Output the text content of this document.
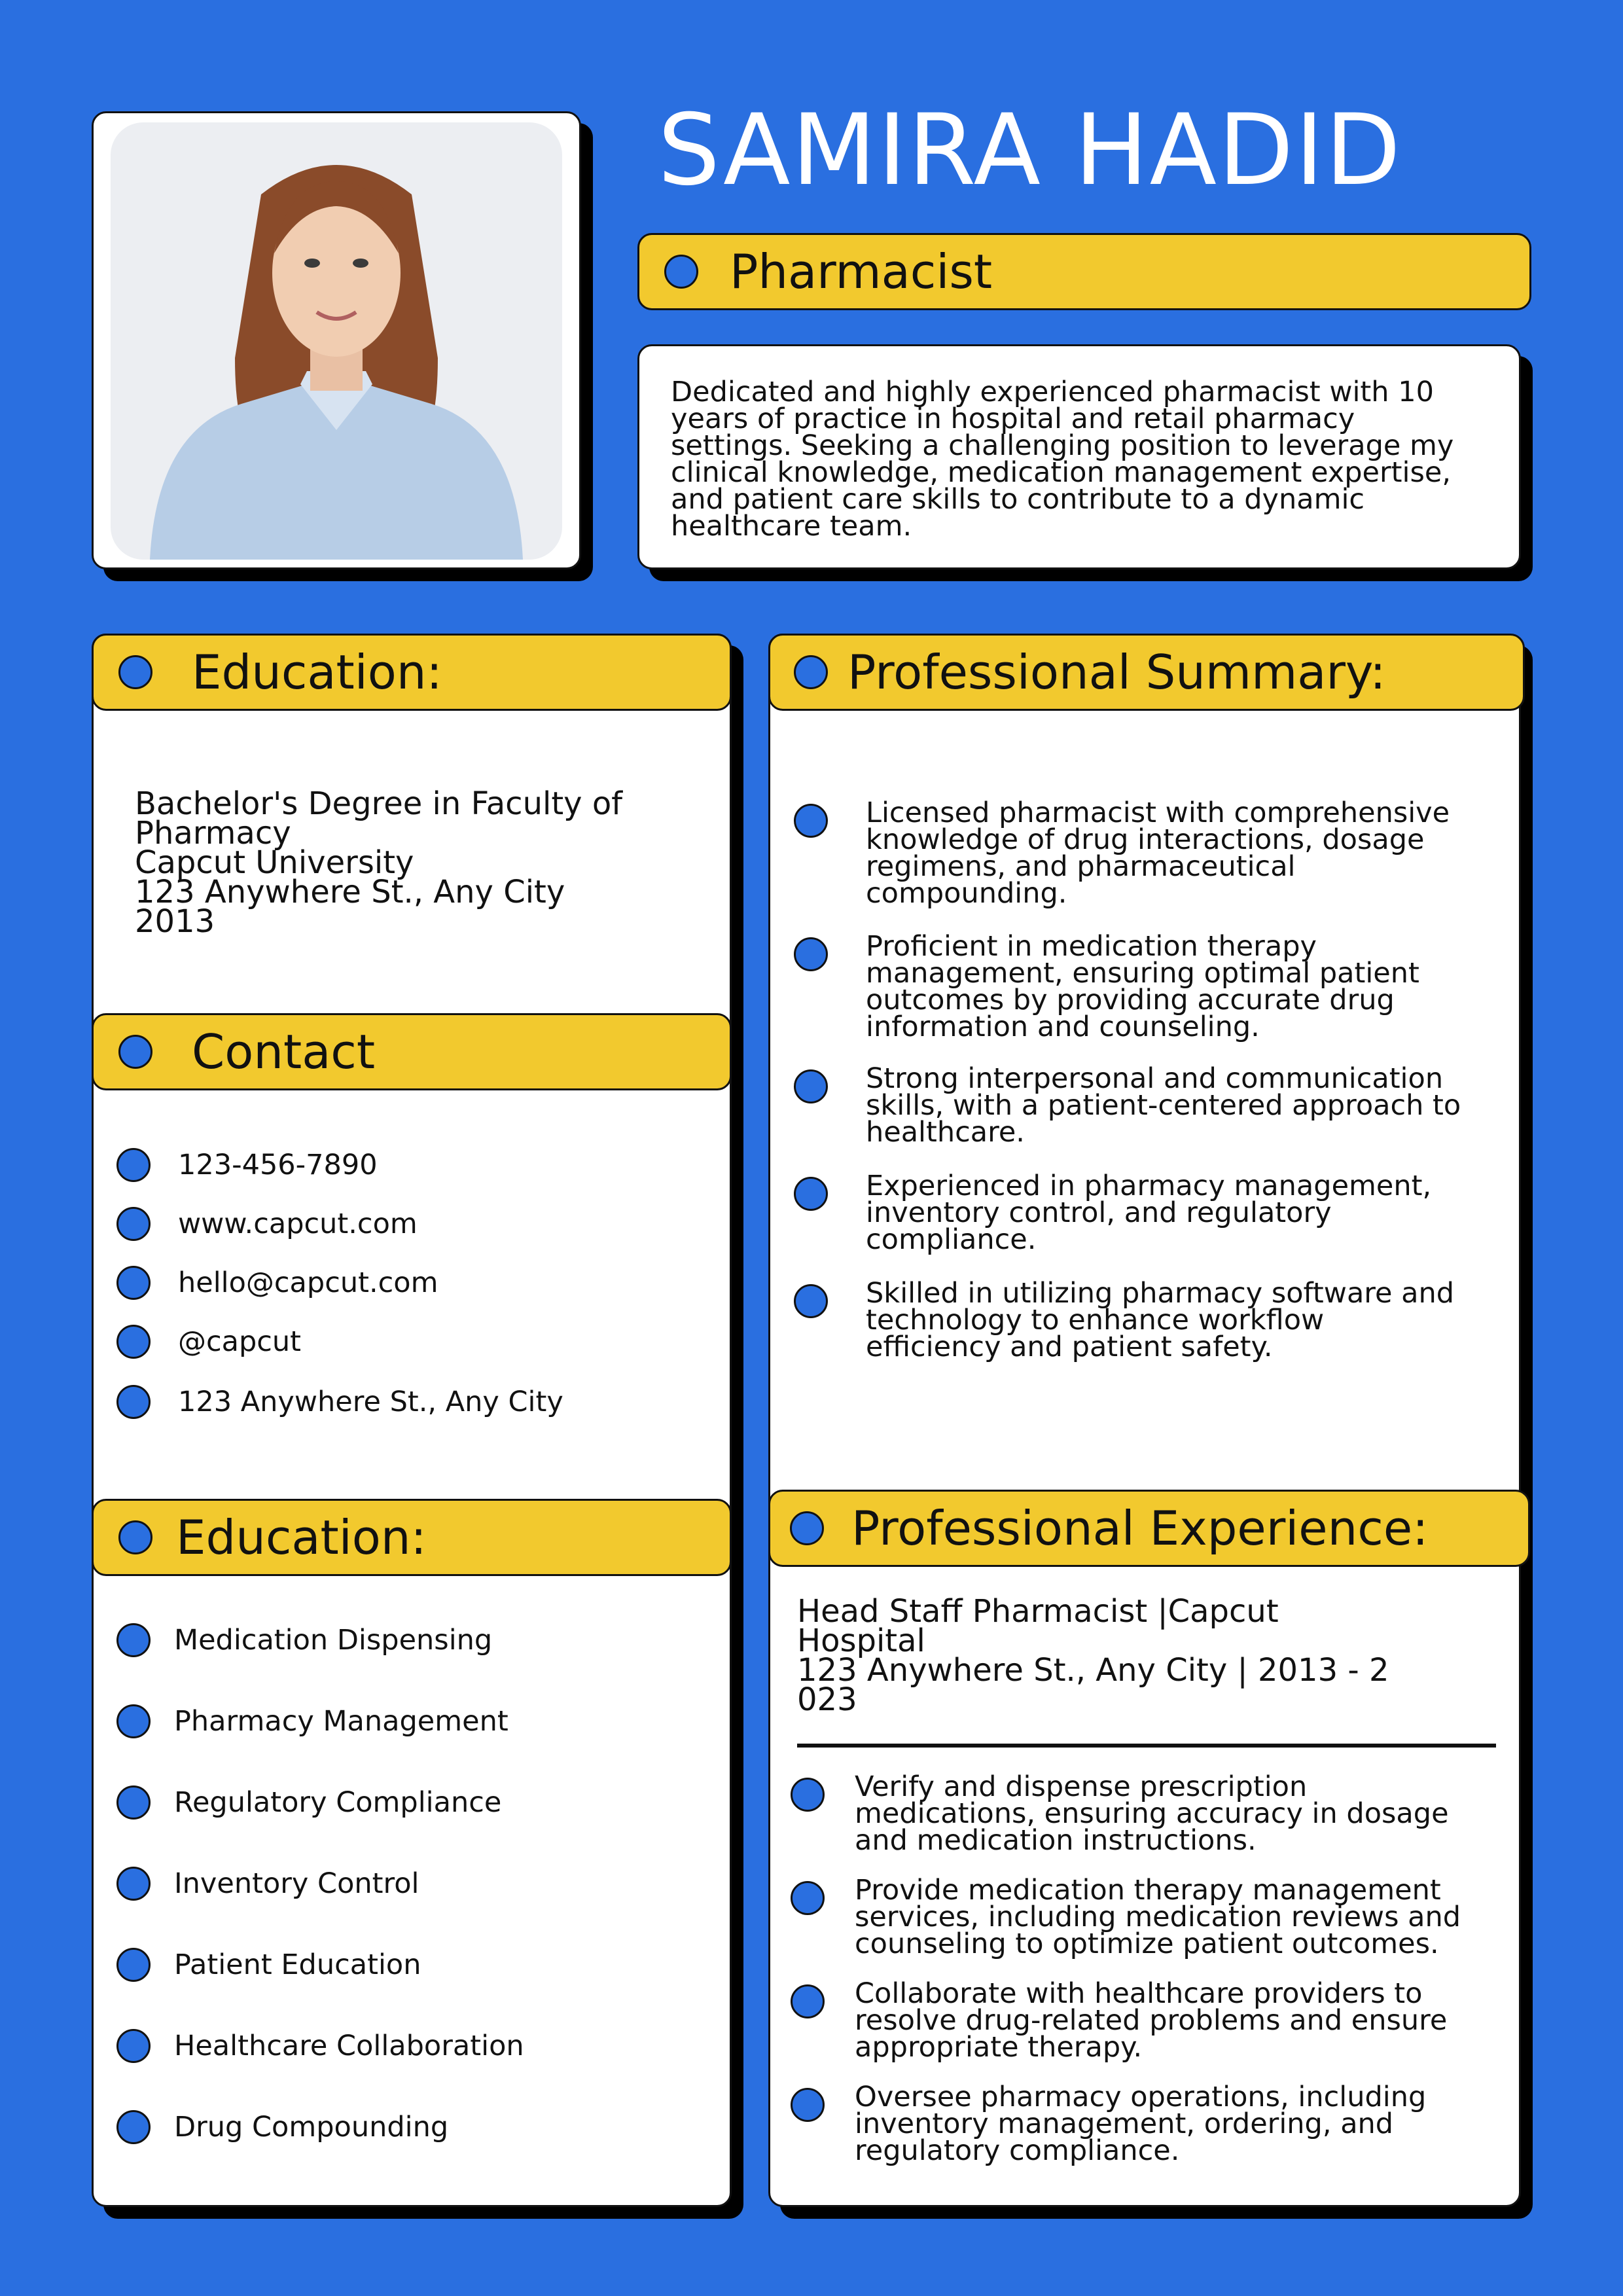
SAMIRA HADID
Pharmacist
Dedicated and highly experienced pharmacist with 10
years of practice in hospital and retail pharmacy
settings. Seeking a challenging position to leverage my
clinical knowledge, medication management expertise,
and patient care skills to contribute to a dynamic
healthcare team.
Education:
Bachelor's Degree in Faculty of
Pharmacy
Capcut University
123 Anywhere St., Any City
2013
Contact
123-456-7890
www.capcut.com
hello@capcut.com
@capcut
123 Anywhere St., Any City
Education:
Medication Dispensing
Pharmacy Management
Regulatory Compliance
Inventory Control
Patient Education
Healthcare Collaboration
Drug Compounding
Professional Summary:
Licensed pharmacist with comprehensive
knowledge of drug interactions, dosage
regimens, and pharmaceutical
compounding.
Proficient in medication therapy
management, ensuring optimal patient
outcomes by providing accurate drug
information and counseling.
Strong interpersonal and communication
skills, with a patient-centered approach to
healthcare.
Experienced in pharmacy management,
inventory control, and regulatory
compliance.
Skilled in utilizing pharmacy software and
technology to enhance workflow
efficiency and patient safety.
Professional Experience:
Head Staff Pharmacist |Capcut
Hospital
123 Anywhere St., Any City | 2013 - 2
023
Verify and dispense prescription
medications, ensuring accuracy in dosage
and medication instructions.
Provide medication therapy management
services, including medication reviews and
counseling to optimize patient outcomes.
Collaborate with healthcare providers to
resolve drug-related problems and ensure
appropriate therapy.
Oversee pharmacy operations, including
inventory management, ordering, and
regulatory compliance.
